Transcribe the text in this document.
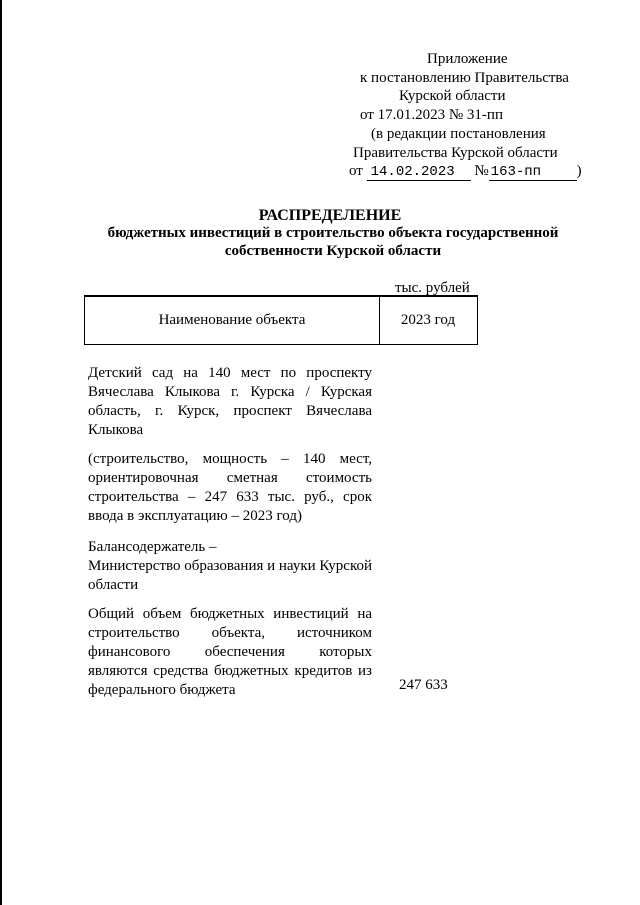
Приложение
к постановлению Правительства
Курской области
от 17.01.2023 № 31-пп
(в редакции постановления
Правительства Курской области
от 14.02.2023 № 163-пп )
РАСПРЕДЕЛЕНИЕ
бюджетных инвестиций в строительство объекта государственной
собственности Курской области
тыс. рублей
Наименование объекта	2023 год
Детский сад на 140 мест по проспекту Вячеслава Клыкова г. Курска / Курская область, г. Курск, проспект Вячеслава Клыкова
(строительство, мощность – 140 мест, ориентировочная сметная стоимость строительства – 247 633 тыс. руб., срок ввода в эксплуатацию – 2023 год)
Балансодержатель –
Министерство образования и науки Курской области
Общий объем бюджетных инвестиций на строительство объекта, источником финансового обеспечения которых являются средства бюджетных кредитов из федерального бюджета	247 633
